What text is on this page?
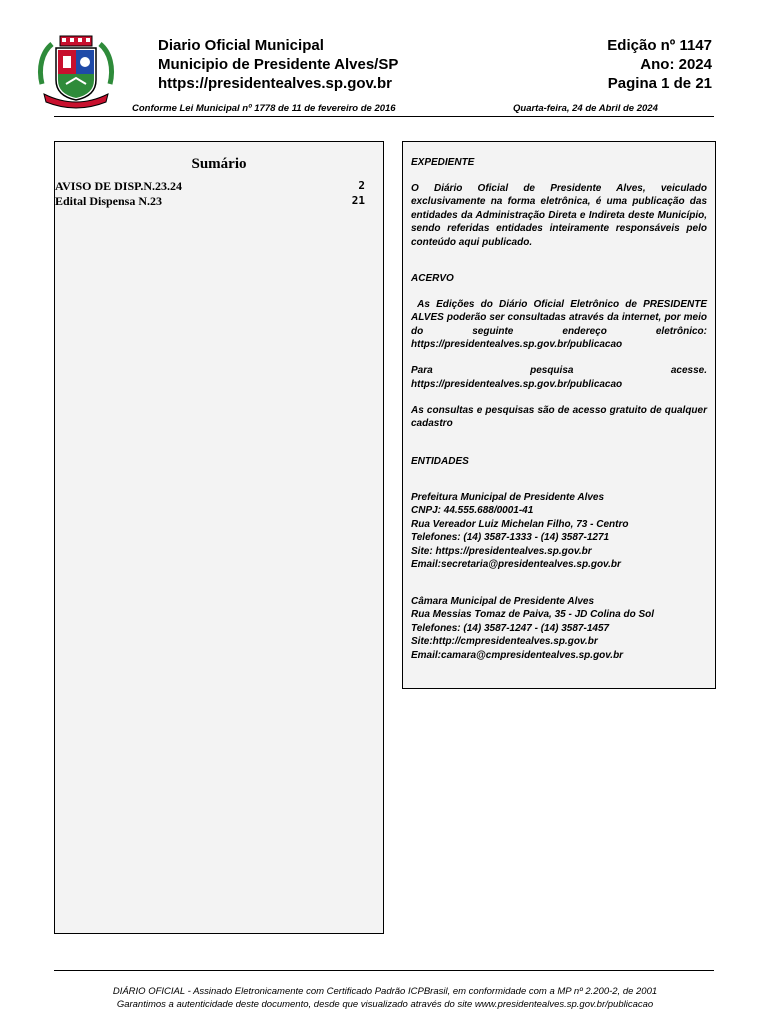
Diario Oficial Municipal
Municipio de Presidente Alves/SP
https://presidentealves.sp.gov.br
Edição nº 1147
Ano: 2024
Pagina 1 de 21
Conforme Lei Municipal nº 1778 de 11 de fevereiro de 2016	Quarta-feira, 24 de Abril de 2024
Sumário
AVISO DE DISP.N.23.24	2
Edital Dispensa N.23	21
EXPEDIENTE
O Diário Oficial de Presidente Alves, veiculado exclusivamente na forma eletrônica, é uma publicação das entidades da Administração Direta e Indireta deste Município, sendo referidas entidades inteiramente responsáveis pelo conteúdo aqui publicado.
ACERVO
As Edições do Diário Oficial Eletrônico de PRESIDENTE ALVES poderão ser consultadas através da internet, por meio do seguinte endereço eletrônico:
https://presidentealves.sp.gov.br/publicacao
Para pesquisa acesse.
https://presidentealves.sp.gov.br/publicacao
As consultas e pesquisas são de acesso gratuito de qualquer cadastro
ENTIDADES
Prefeitura Municipal de Presidente Alves
CNPJ: 44.555.688/0001-41
Rua Vereador Luiz Michelan Filho, 73 - Centro
Telefones: (14) 3587-1333 - (14) 3587-1271
Site: https://presidentealves.sp.gov.br
Email:secretaria@presidentealves.sp.gov.br
Câmara Municipal de Presidente Alves
Rua Messias Tomaz de Paiva, 35 - JD Colina do Sol
Telefones: (14) 3587-1247 - (14) 3587-1457
Site:http://cmpresidentealves.sp.gov.br
Email:camara@cmpresidentealves.sp.gov.br
DIÁRIO OFICIAL - Assinado Eletronicamente com Certificado Padrão ICPBrasil, em conformidade com a MP nº 2.200-2, de 2001
Garantimos a autenticidade deste documento, desde que visualizado através do site www.presidentealves.sp.gov.br/publicacao
